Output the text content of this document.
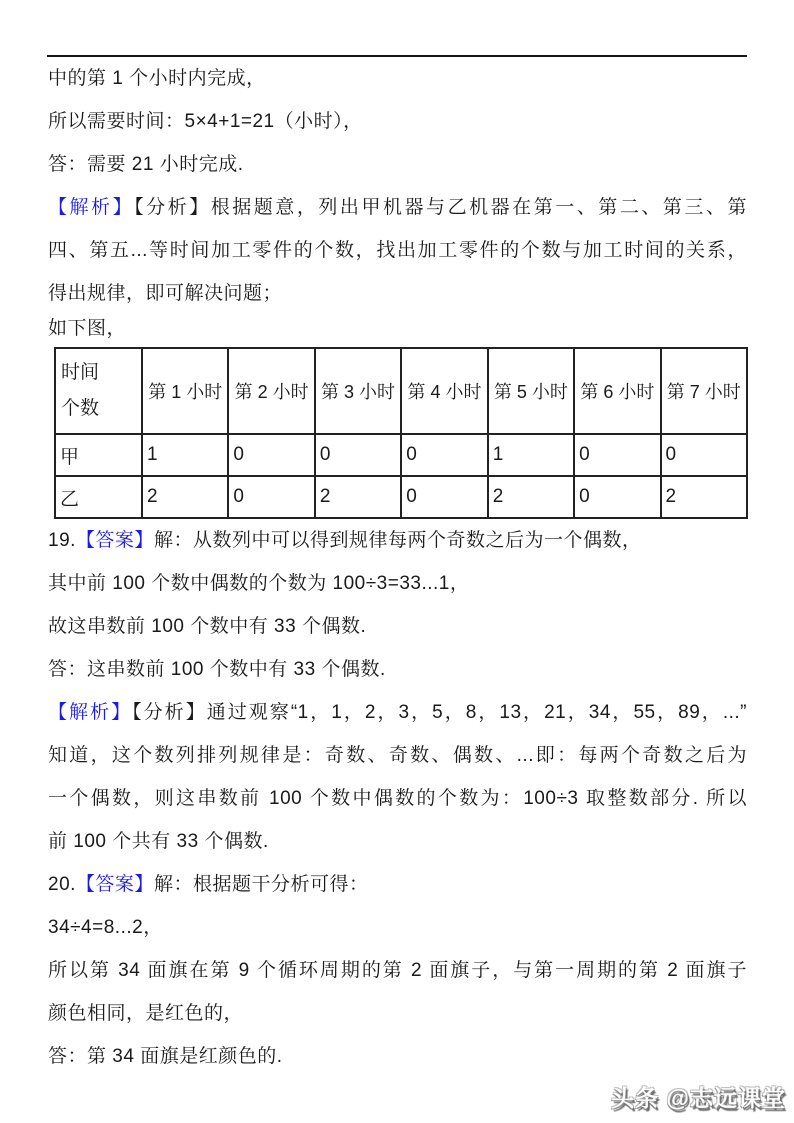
中的第 1 个小时内完成，
所以需要时间：5×4+1=21（小时），
答：需要 21 小时完成.
【解析】【分析】根据题意，列出甲机器与乙机器在第一、第二、第三、第
四、第五...等时间加工零件的个数，找出加工零件的个数与加工时间的关系，
得出规律，即可解决问题；
如下图，
时间
个数	第 1 小时	第 2 小时	第 3 小时	第 4 小时	第 5 小时	第 6 小时	第 7 小时
甲	1	0	0	0	1	0	0
乙	2	0	2	0	2	0	2
19.【答案】解：从数列中可以得到规律每两个奇数之后为一个偶数，
其中前 100 个数中偶数的个数为 100÷3=33...1，
故这串数前 100 个数中有 33 个偶数.
答：这串数前 100 个数中有 33 个偶数.
【解析】【分析】通过观察“1，1，2，3，5，8，13，21，34，55，89，...”
知道，这个数列排列规律是：奇数、奇数、偶数、...即：每两个奇数之后为
一个偶数，则这串数前 100 个数中偶数的个数为：100÷3 取整数部分. 所以
前 100 个共有 33 个偶数.
20.【答案】解：根据题干分析可得：
34÷4=8...2，
所以第 34 面旗在第 9 个循环周期的第 2 面旗子，与第一周期的第 2 面旗子
颜色相同，是红色的，
答：第 34 面旗是红颜色的.
头条 @志远课堂
